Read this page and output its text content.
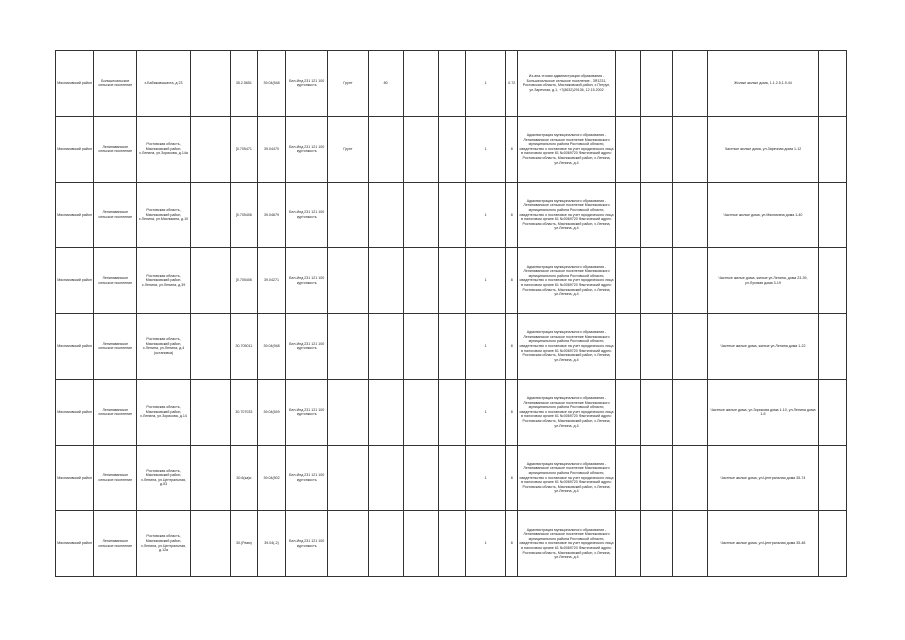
Мясниковский район	Большесальское сельское поселение	х.Бабиковошахта, д 23		35.2.5651	39.04(548	Бел-Ипд 231 121 100 куртонкость	Грунт	80			1	0.72	Из-ана-ттоиая администрация образования - Большесальское сельское поселение - 3Я1231, Ростовская область, Мясниковский район, х.Петрун, ул.Заречная, д.1, +7(8632)29136, 12.15.2002				Жилые жилые дома, 1.1.2.5,1.9.44	
Мясниковский район	Ленинаванское сельское поселение	Ростовская область, Мясниковский район, х.Ленина, ул.Зорикова, д.14а		[0.705471	39.04470	Бел-Ипд 231 121 100 куртонкость	Грунт				1	8	Администрация муниципального образования - Ленинаванское сельское поселение Мясниковского муниципального района Ростовской области, свидетельство о постановке на учет юридического лица в налоговом органе 61 №0069720 Фактический адрес: Ростовская область, Мясниковский район, х.Ленина, ул.Ленина, д.4				Частные жилые дома, ул.Заречная дома 1-12	
Мясниковский район	Ленинаванское сельское поселение	Ростовская область, Мясниковский район, х.Ленина, ул.Мясникяна, д.10		[0.705406	39.04679	Бел-Ипд 231 121 100 куртонкость					1	8	Администрация муниципального образования - Ленинаванское сельское поселение Мясниковского муниципального района Ростовской области, свидетельство о постановке на учет юридического лица в налоговом органе 61 №0069720 Фактический адрес: Ростовская область, Мясниковский район, х.Ленина, ул.Ленина, д.4				Частные жилые дома, ул.Мясникяна дома 1-40	
Мясниковский район	Ленинаванское сельское поселение	Ростовская область, Мясниковский район, х.Ленина, ул.Ленина, д.39		[0.705406	39.04271	Бел-Ипд 231 121 100 куртонкость					1	8	Администрация муниципального образования - Ленинаванское сельское поселение Мясниковского муниципального района Ростовской области, свидетельство о постановке на учет юридического лица в налоговом органе 61 №0069720 Фактический адрес: Ростовская область, Мясниковский район, х.Ленина, ул.Ленина, д.4				Частные жилые дома, жилые ул.Ленина, дома 23-39, ул.Луговая дома 3-19	
Мясниковский район	Ленинаванское сельское поселение	Ростовская область, Мясниковский район, х.Ленина, ул.Ленина, д.4 (остановка)		30.705011	39.04(948	Бел-Ипд 231 121 100 куртонкость					1	8	Администрация муниципального образования - Ленинаванское сельское поселение Мясниковского муниципального района Ростовской области, свидетельство о постановке на учет юридического лица в налоговом органе 61 №0069720 Фактический адрес: Ростовская область, Мясниковский район, х.Ленина, ул.Ленина, д.4				Частные жилые дома, жилые ул.Ленина дома 1-22	
Мясниковский район	Ленинаванское сельское поселение	Ростовская область, Мясниковский район, х.Ленина, ул.Зорикова, д.14		30.707033	39.04(549	Бел-Ипд 231 121 100 куртонкость					1	8	Администрация муниципального образования - Ленинаванское сельское поселение Мясниковского муниципального района Ростовской области, свидетельство о постановке на учет юридического лица в налоговом органе 61 №0069720 Фактический адрес: Ростовская область, Мясниковский район, х.Ленина, ул.Ленина, д.4				Частные жилые дома, ул.Зорикова дома 1-10, ул.Ленина дома 1-5	
Мясниковский район	Ленинаванское сельское поселение	Ростовская область, Мясниковский район, х.Ленина, ул.Центральная, д.53		30.6(ка)и	39.04(502	Бел-Ипд 231 121 100 куртонкость					1	8	Администрация муниципального образования - Ленинаванское сельское поселение Мясниковского муниципального района Ростовской области, свидетельство о постановке на учет юридического лица в налоговом органе 61 №0069720 Фактический адрес: Ростовская область, Мясниковский район, х.Ленина, ул.Ленина, д.4				Частные жилые дома, ул.Центральная дома 35-74	
Мясниковский район	Ленинаванское сельское поселение	Ростовская область, Мясниковский район, х.Ленина, ул.Центральная, д.12а		30.(Разм)	39.04(-2)	Бел-Ипд 231 121 100 куртонкость					1	8	Администрация муниципального образования - Ленинаванское сельское поселение Мясниковского муниципального района Ростовской области, свидетельство о постановке на учет юридического лица в налоговом органе 61 №0069720 Фактический адрес: Ростовская область, Мясниковский район, х.Ленина, ул.Ленина, д.4				Частные жилые дома, ул.Центральная дома 35-48	
